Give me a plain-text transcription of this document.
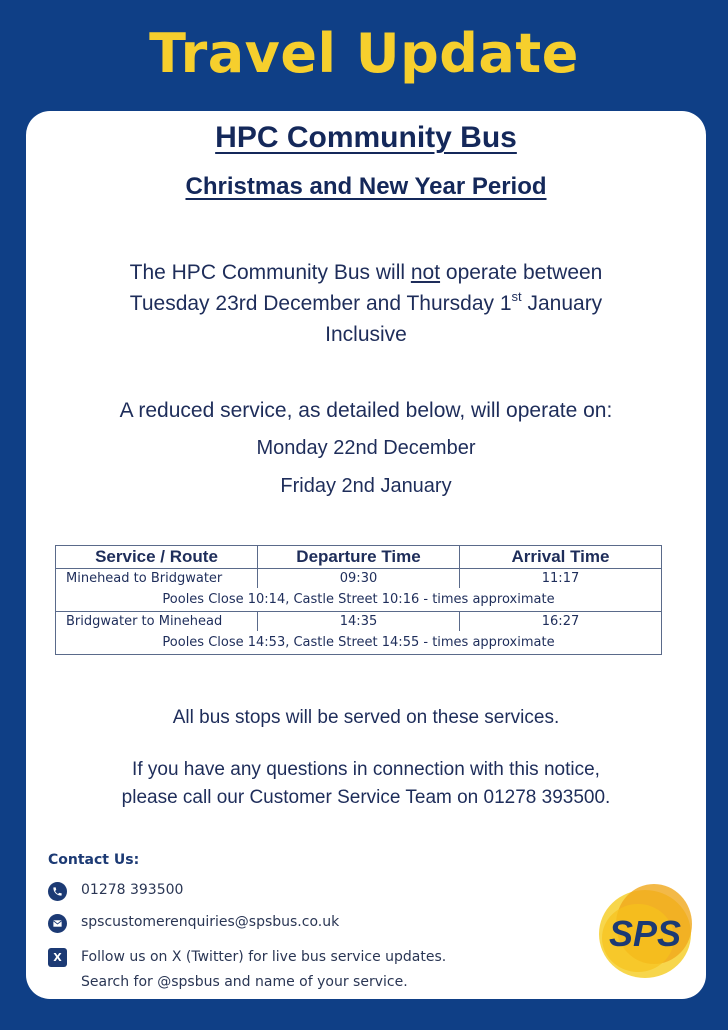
Travel Update
HPC Community Bus
Christmas and New Year Period
The HPC Community Bus will not operate between
Tuesday 23rd December and Thursday 1st January
Inclusive
A reduced service, as detailed below, will operate on:
Monday 22nd December
Friday 2nd January
Service / Route	Departure Time	Arrival Time
Minehead to Bridgwater	09:30	11:17
Pooles Close 10:14, Castle Street 10:16 - times approximate		
Bridgwater to Minehead	14:35	16:27
Pooles Close 14:53, Castle Street 14:55 - times approximate		
All bus stops will be served on these services.
If you have any questions in connection with this notice,
please call our Customer Service Team on 01278 393500.
Contact Us:
01278 393500
spscustomerenquiries@spsbus.co.uk
X	Follow us on X (Twitter) for live bus service updates.
Search for @spsbus and name of your service.
SPS
